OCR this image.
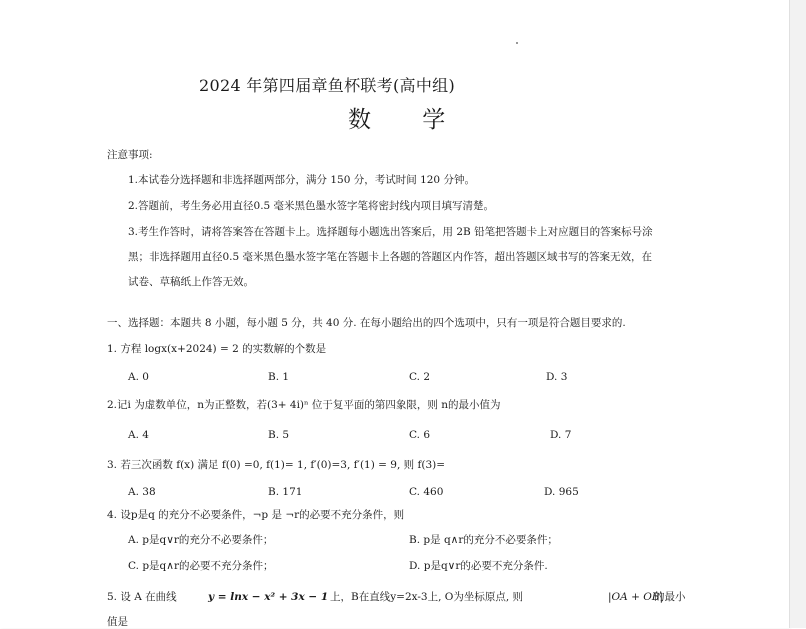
2024 年第四届章鱼杯联考(高中组)
数 学
注意事项:
1.本试卷分选择题和非选择题两部分，满分 150 分，考试时间 120 分钟。
2.答题前，考生务必用直径0.5 毫米黑色墨水签字笔将密封线内项目填写清楚。
3.考生作答时，请将答案答在答题卡上。选择题每小题选出答案后，用 2B 铅笔把答题卡上对应题目的答案标号涂
黑；非选择题用直径0.5 毫米黑色墨水签字笔在答题卡上各题的答题区内作答，超出答题区域书写的答案无效，在
试卷、草稿纸上作答无效。
一、选择题：本题共 8 小题，每小题 5 分，共 40 分. 在每小题给出的四个选项中，只有一项是符合题目要求的.
1. 方程 logx(x+2024) = 2 的实数解的个数是
A. 0	B. 1	C. 2	D. 3
2.记i 为虚数单位，n为正整数，若(3+ 4i)ⁿ 位于复平面的第四象限，则 n的最小值为
A. 4	B. 5	C. 6	D. 7
3. 若三次函数 f(x) 满足 f(0) =0, f(1)= 1, f′(0)=3, f′(1) = 9, 则 f(3)=
A. 38	B. 171	C. 460	D. 965
4. 设p是q 的充分不必要条件，¬p 是 ¬r的必要不充分条件，则
A. p是q∨r的充分不必要条件；	B. p是 q∧r的充分不必要条件；
C. p是q∧r的必要不充分条件；	D. p是q∨r的必要不充分条件.
5. 设 A 在曲线	y = lnx − x² + 3x − 1 上，B在直线y=2x-3上, O为坐标原点, 则	|OA + OB|
的最小
值是
